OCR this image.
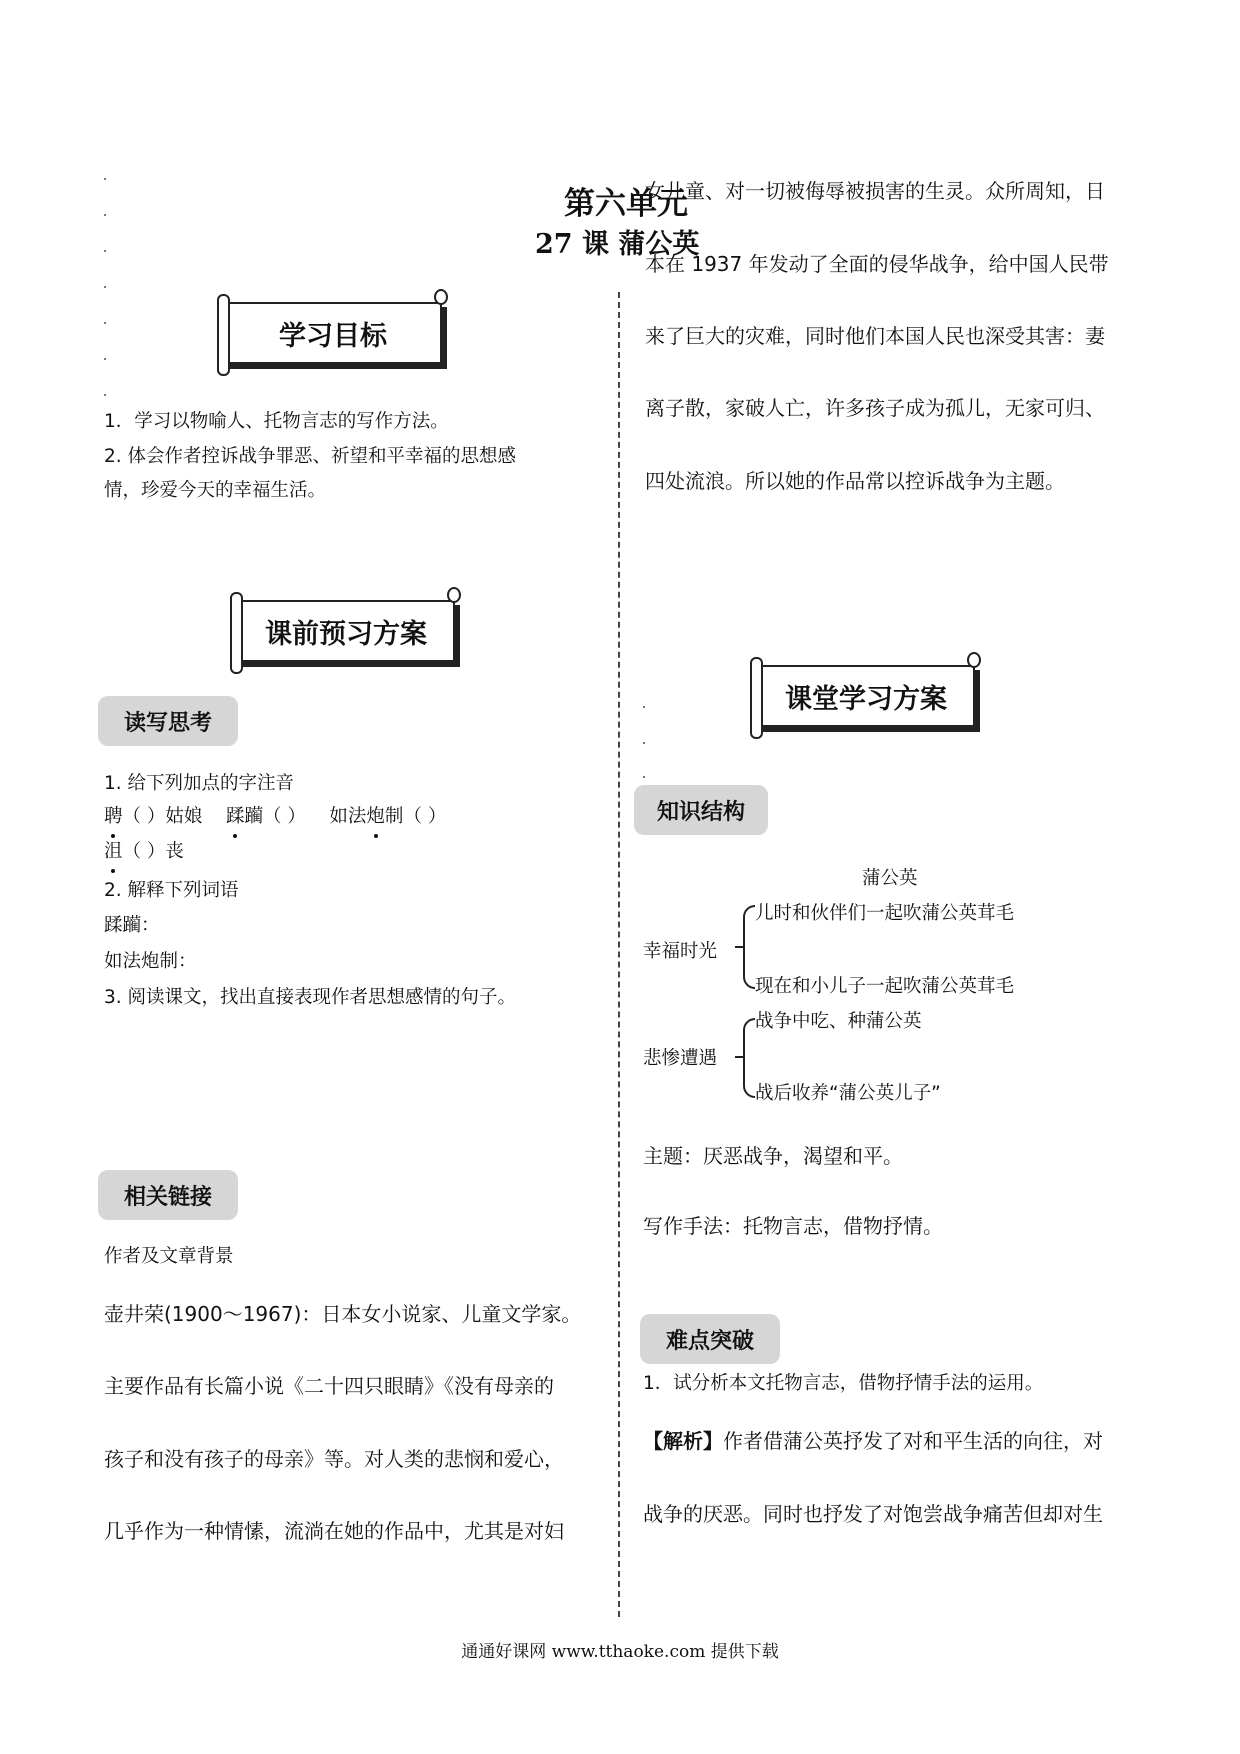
第六单元
27 课 蒲公英
学习目标
1．学习以物喻人、托物言志的写作方法。
2. 体会作者控诉战争罪恶、祈望和平幸福的思想感
情，珍爱今天的幸福生活。
课前预习方案
读写思考
1. 给下列加点的字注音
聘（ ）姑娘 蹂躏（ ） 如法炮制（ ）
沮（ ）丧
2. 解释下列词语
蹂躏：
如法炮制：
3. 阅读课文，找出直接表现作者思想感情的句子。
相关链接
作者及文章背景
壶井荣(1900～1967)：日本女小说家、儿童文学家。
主要作品有长篇小说《二十四只眼睛》《没有母亲的
孩子和没有孩子的母亲》等。对人类的悲悯和爱心，
几乎作为一种情愫，流淌在她的作品中，尤其是对妇
女儿童、对一切被侮辱被损害的生灵。众所周知，日
本在 1937 年发动了全面的侵华战争，给中国人民带
来了巨大的灾难，同时他们本国人民也深受其害：妻
离子散，家破人亡，许多孩子成为孤儿，无家可归、
四处流浪。所以她的作品常以控诉战争为主题。
课堂学习方案
知识结构
蒲公英
幸福时光
儿时和伙伴们一起吹蒲公英茸毛
现在和小儿子一起吹蒲公英茸毛
悲惨遭遇
战争中吃、种蒲公英
战后收养“蒲公英儿子”
主题：厌恶战争，渴望和平。
写作手法：托物言志，借物抒情。
难点突破
1．试分析本文托物言志，借物抒情手法的运用。
【解析】作者借蒲公英抒发了对和平生活的向往，对
战争的厌恶。同时也抒发了对饱尝战争痛苦但却对生
通通好课网 www.tthaoke.com 提供下载
